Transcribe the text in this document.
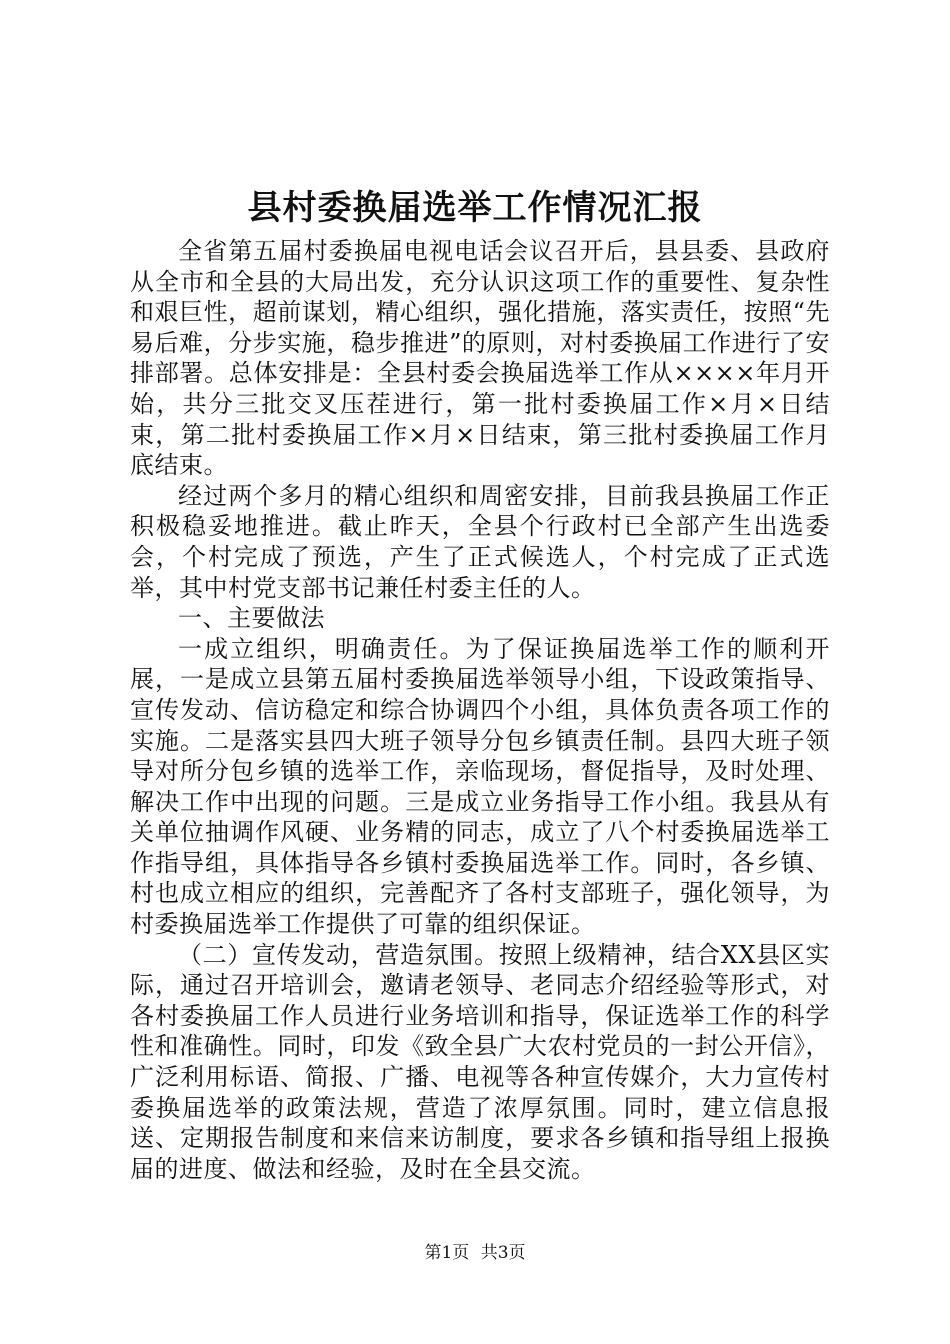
县村委换届选举工作情况汇报

全省第五届村委换届电视电话会议召开后，县县委、县政府从全市和全县的大局出发，充分认识这项工作的重要性、复杂性和艰巨性，超前谋划，精心组织，强化措施，落实责任，按照“先易后难，分步实施，稳步推进”的原则，对村委换届工作进行了安排部署。总体安排是：全县村委会换届选举工作从××××年月开始，共分三批交叉压茬进行，第一批村委换届工作×月×日结束，第二批村委换届工作×月×日结束，第三批村委换届工作月底结束。

经过两个多月的精心组织和周密安排，目前我县换届工作正积极稳妥地推进。截止昨天，全县个行政村已全部产生出选委会，个村完成了预选，产生了正式候选人，个村完成了正式选举，其中村党支部书记兼任村委主任的人。

一、主要做法

一成立组织，明确责任。为了保证换届选举工作的顺利开展，一是成立县第五届村委换届选举领导小组，下设政策指导、宣传发动、信访稳定和综合协调四个小组，具体负责各项工作的实施。二是落实县四大班子领导分包乡镇责任制。县四大班子领导对所分包乡镇的选举工作，亲临现场，督促指导，及时处理、解决工作中出现的问题。三是成立业务指导工作小组。我县从有关单位抽调作风硬、业务精的同志，成立了八个村委换届选举工作指导组，具体指导各乡镇村委换届选举工作。同时，各乡镇、村也成立相应的组织，完善配齐了各村支部班子，强化领导，为村委换届选举工作提供了可靠的组织保证。

（二）宣传发动，营造氛围。按照上级精神，结合XX县区实际，通过召开培训会，邀请老领导、老同志介绍经验等形式，对各村委换届工作人员进行业务培训和指导，保证选举工作的科学性和准确性。同时，印发《致全县广大农村党员的一封公开信》，广泛利用标语、简报、广播、电视等各种宣传媒介，大力宣传村委换届选举的政策法规，营造了浓厚氛围。同时，建立信息报送、定期报告制度和来信来访制度，要求各乡镇和指导组上报换届的进度、做法和经验，及时在全县交流。

第1页 共3页
